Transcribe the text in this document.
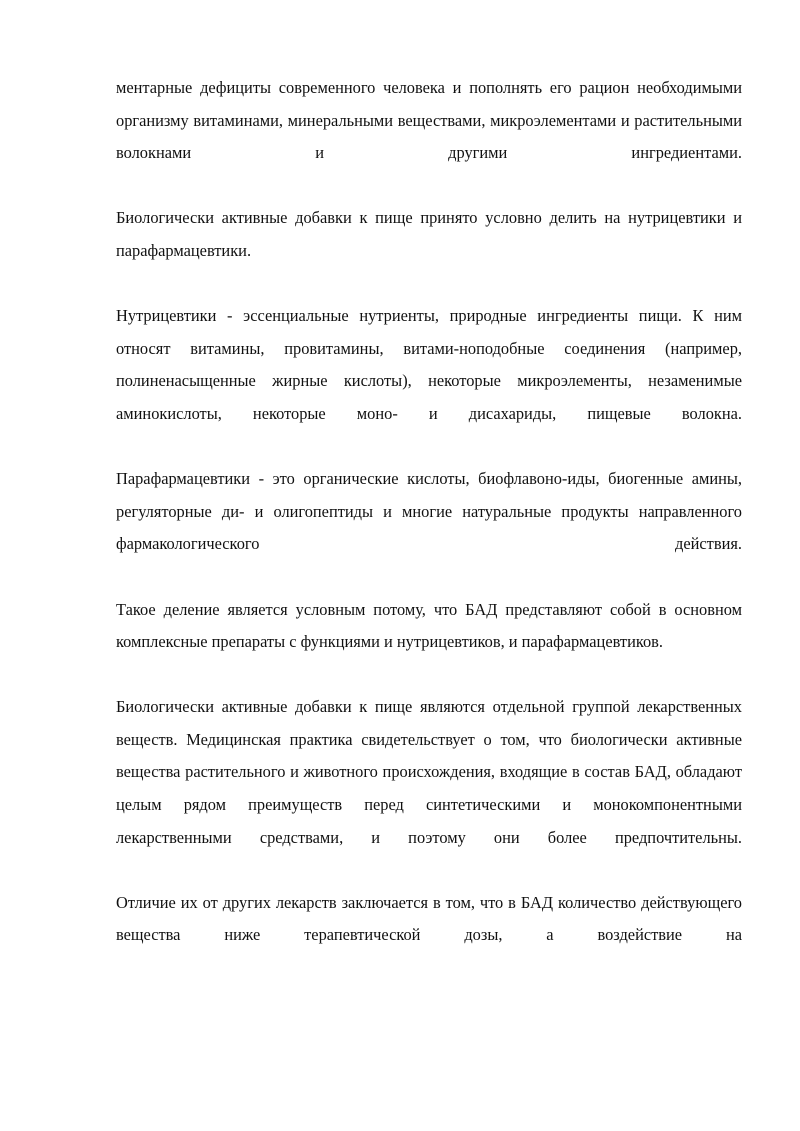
ментарные дефициты современного человека и пополнять его рацион необходимыми организму витаминами, минеральными веществами, микроэлементами и растительными волокнами и другими ингредиентами.

Биологически активные добавки к пище принято условно делить на нутрицевтики и парафармацевтики.

Нутрицевтики - эссенциальные нутриенты, природные ингредиенты пищи. К ним относят витамины, провитамины, витами-ноподобные соединения (например, полиненасыщенные жирные кислоты), некоторые микроэлементы, незаменимые аминокислоты, некоторые моно- и дисахариды, пищевые волокна.

Парафармацевтики - это органические кислоты, биофлавоно-иды, биогенные амины, регуляторные ди- и олигопептиды и многие натуральные продукты направленного фармакологического действия.

Такое деление является условным потому, что БАД представляют собой в основном комплексные препараты с функциями и нутрицевтиков, и парафармацевтиков.

Биологически активные добавки к пище являются отдельной группой лекарственных веществ. Медицинская практика свидетельствует о том, что биологически активные вещества растительного и животного происхождения, входящие в состав БАД, обладают целым рядом преимуществ перед синтетическими и монокомпонентными лекарственными средствами, и поэтому они более предпочтительны.

Отличие их от других лекарств заключается в том, что в БАД количество действующего вещества ниже терапевтической дозы, а воздействие на
